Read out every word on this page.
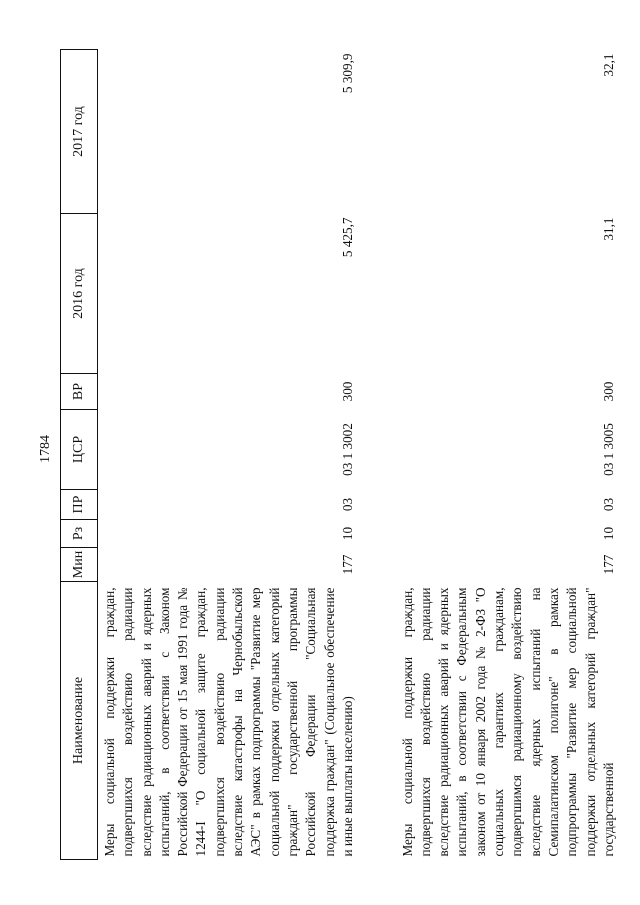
1784
Наименование	Мин	Рз	ПР	ЦСР	ВР	2016 год	2017 год
Меры социальной поддержки граждан, подвергшихся воздействию радиации вследствие радиационных аварий и ядерных испытаний, в соответствии с Законом Российской Федерации от 15 мая 1991 года № 1244-I "О социальной защите граждан, подвергшихся воздействию радиации вследствие катастрофы на Чернобыльской АЭС" в рамках подпрограммы "Развитие мер социальной поддержки отдельных категорий граждан" государственной программы Российской Федерации "Социальная поддержка граждан" (Социальное обеспечение и иные выплаты населению)	177	10	03	03 1 3002	300	5 425,7	5 309,9
Меры социальной поддержки граждан, подвергшихся воздействию радиации вследствие радиационных аварий и ядерных испытаний, в соответствии с Федеральным законом от 10 января 2002 года № 2-ФЗ "О социальных гарантиях гражданам, подвергшимся радиационному воздействию вследствие ядерных испытаний на Семипалатинском полигоне" в рамках подпрограммы "Развитие мер социальной поддержки отдельных категорий граждан" государственной	177	10	03	03 1 3005	300	31,1	32,1
